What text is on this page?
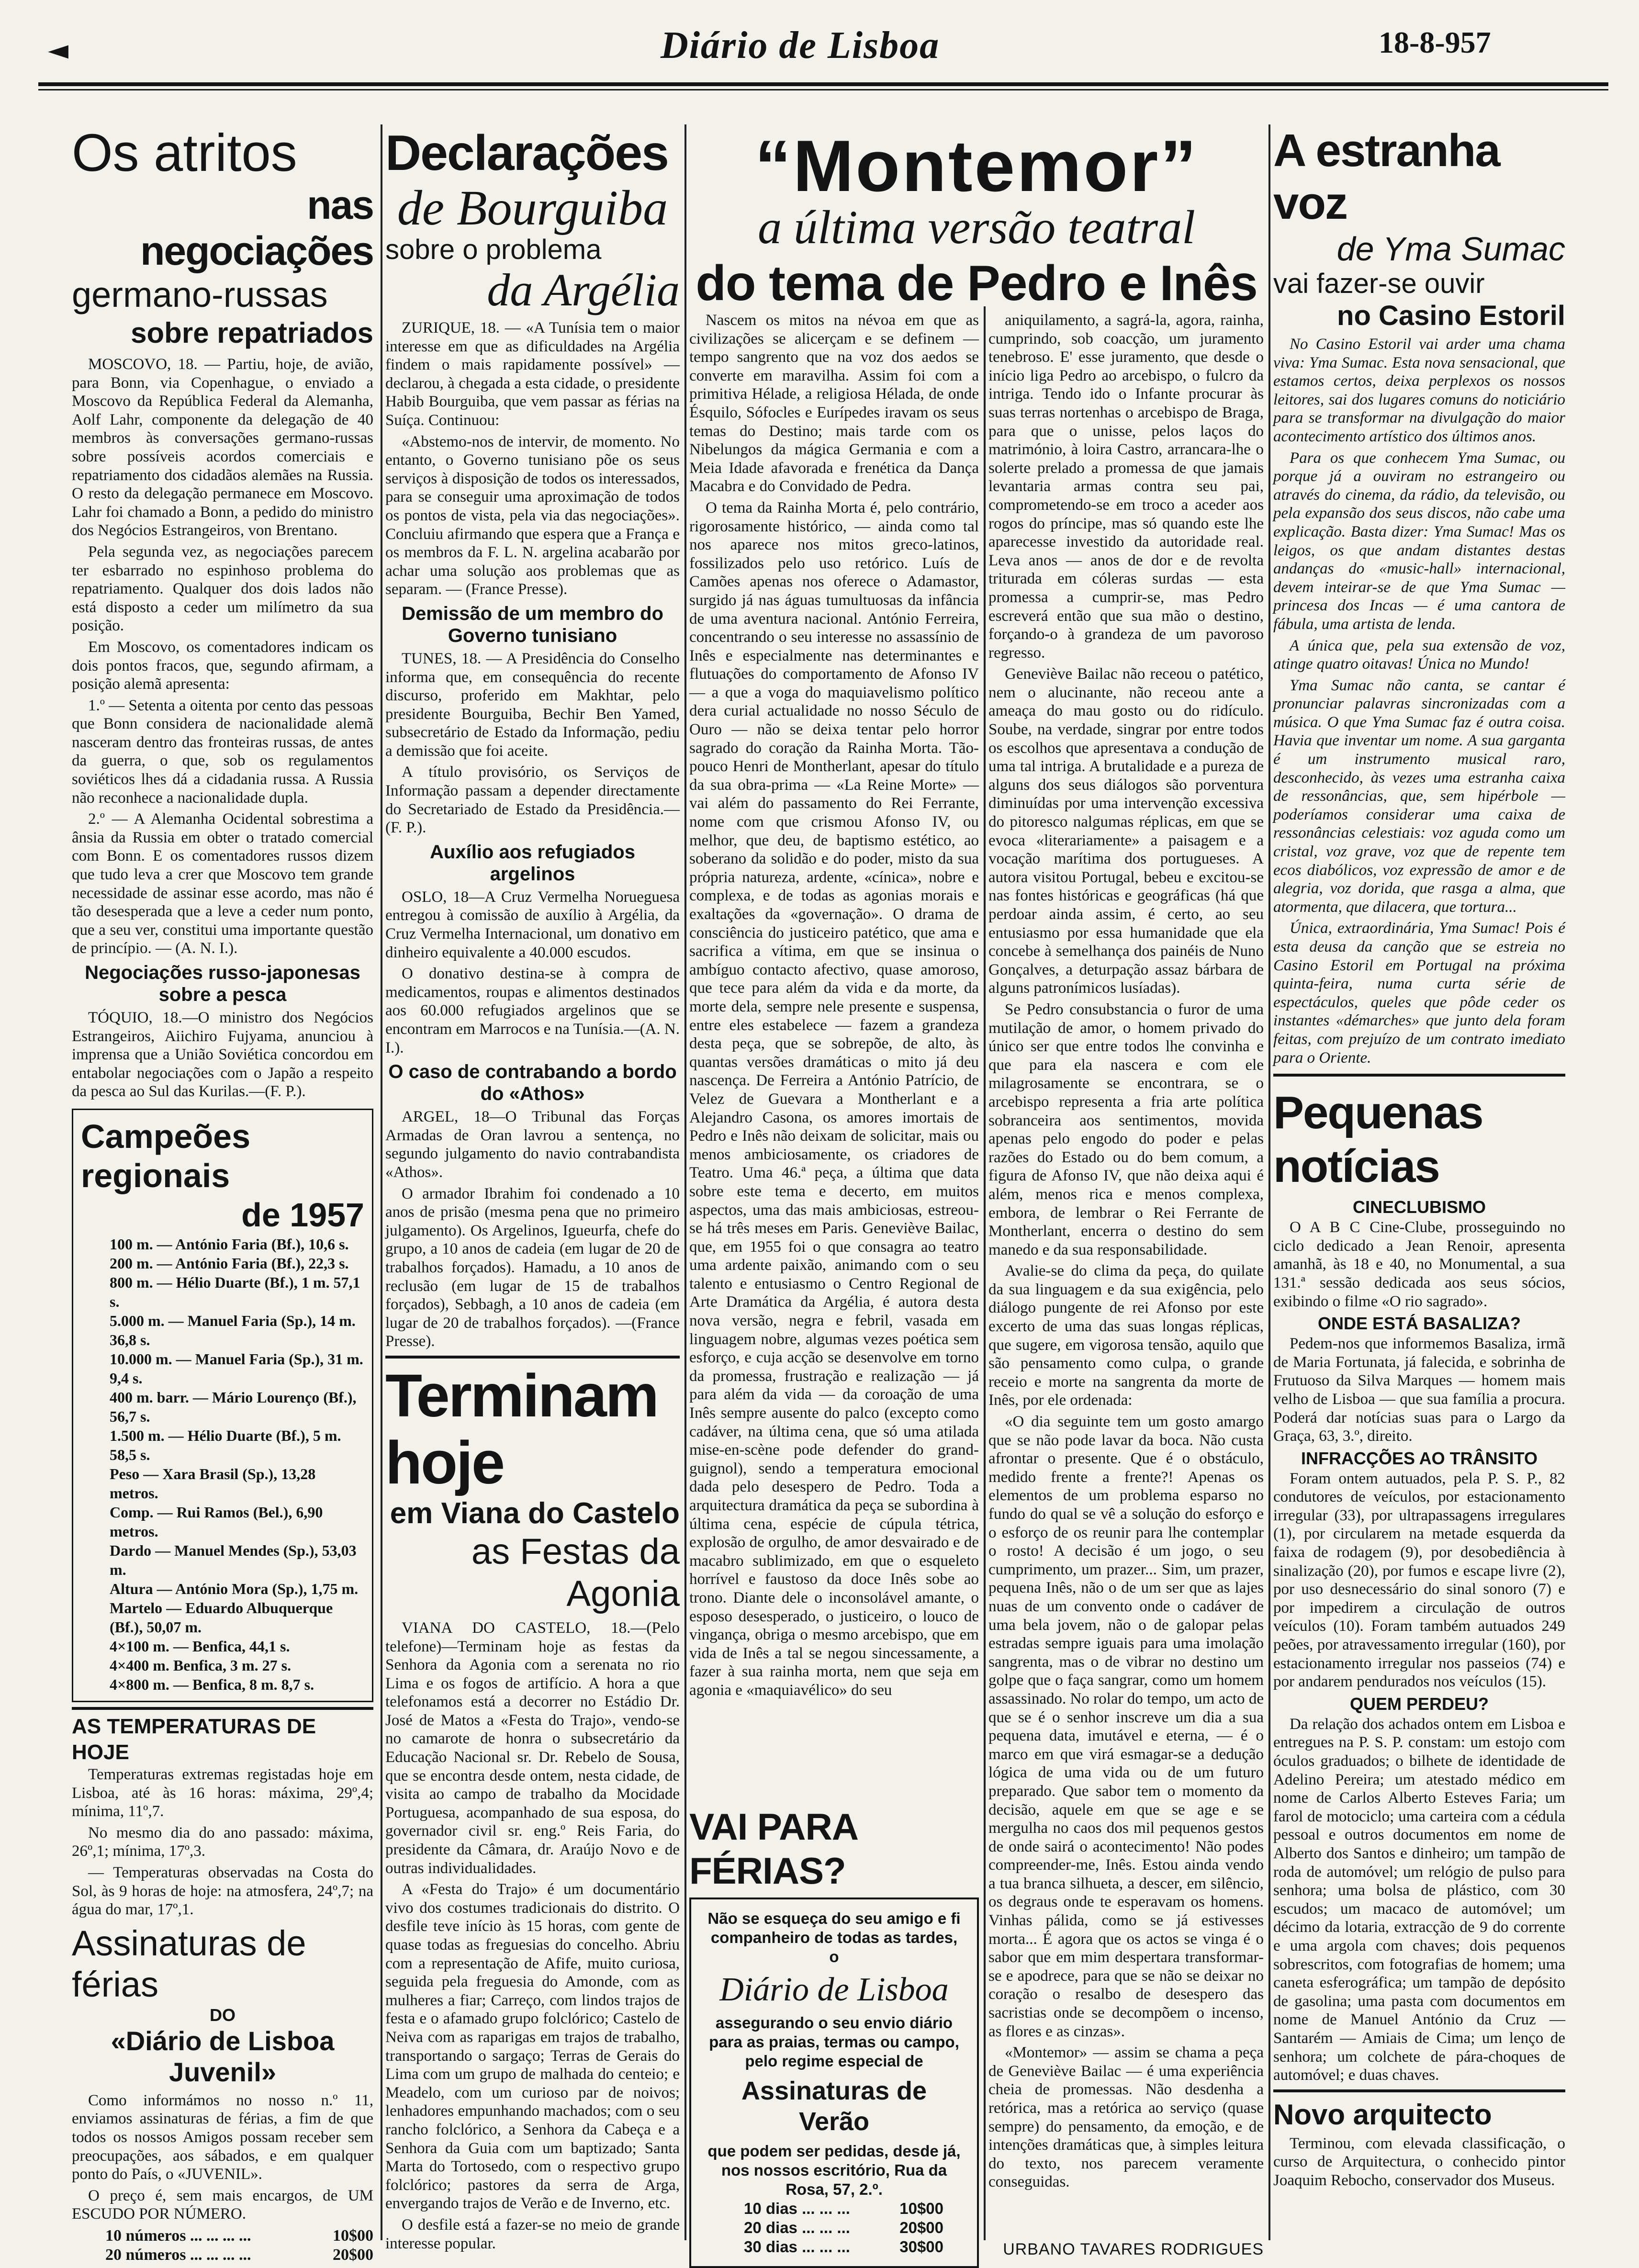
◄	Diário de Lisboa	18-8-957

Os atritos

nas negociações

germano-russas

sobre repatriados

MOSCOVO, 18. — Partiu, hoje, de avião, para Bonn, via Copenhague, o enviado a Moscovo da República Federal da Alemanha, Aolf Lahr, componente da delegação de 40 membros às conversações germano-russas sobre possíveis acordos comerciais e repatriamento dos cidadãos alemães na Russia. O resto da delegação permanece em Moscovo. Lahr foi chamado a Bonn, a pedido do ministro dos Negócios Estrangeiros, von Brentano.

Pela segunda vez, as negociações parecem ter esbarrado no espinhoso problema do repatriamento. Qualquer dos dois lados não está disposto a ceder um milímetro da sua posição.

Em Moscovo, os comentadores indicam os dois pontos fracos, que, segundo afirmam, a posição alemã apresenta:

1.º — Setenta a oitenta por cento das pessoas que Bonn considera de nacionalidade alemã nasceram dentro das fronteiras russas, de antes da guerra, o que, sob os regulamentos soviéticos lhes dá a cidadania russa. A Russia não reconhece a nacionalidade dupla.

2.º — A Alemanha Ocidental sobrestima a ânsia da Russia em obter o tratado comercial com Bonn. E os comentadores russos dizem que tudo leva a crer que Moscovo tem grande necessidade de assinar esse acordo, mas não é tão desesperada que a leve a ceder num ponto, que a seu ver, constitui uma importante questão de princípio. — (A. N. I.).

Negociações russo-japonesas sobre a pesca

TÓQUIO, 18.—O ministro dos Negócios Estrangeiros, Aiichiro Fujyama, anunciou à imprensa que a União Soviética concordou em entabolar negociações com o Japão a respeito da pesca ao Sul das Kurilas.—(F. P.).

Campeões regionais

de 1957

100 m. — António Faria (Bf.), 10,6 s.

200 m. — António Faria (Bf.), 22,3 s.

800 m. — Hélio Duarte (Bf.), 1 m. 57,1 s.

5.000 m. — Manuel Faria (Sp.), 14 m. 36,8 s.

10.000 m. — Manuel Faria (Sp.), 31 m. 9,4 s.

400 m. barr. — Mário Lourenço (Bf.), 56,7 s.

1.500 m. — Hélio Duarte (Bf.), 5 m. 58,5 s.

Peso — Xara Brasil (Sp.), 13,28 metros.

Comp. — Rui Ramos (Bel.), 6,90 metros.

Dardo — Manuel Mendes (Sp.), 53,03 m.

Altura — António Mora (Sp.), 1,75 m.

Martelo — Eduardo Albuquerque (Bf.), 50,07 m.

4×100 m. — Benfica, 44,1 s.

4×400 m. Benfica, 3 m. 27 s.

4×800 m. — Benfica, 8 m. 8,7 s.

AS TEMPERATURAS DE HOJE

Temperaturas extremas registadas hoje em Lisboa, até às 16 horas: máxima, 29º,4; mínima, 11º,7.

No mesmo dia do ano passado: máxima, 26º,1; mínima, 17º,3.

— Temperaturas observadas na Costa do Sol, às 9 horas de hoje: na atmosfera, 24º,7; na água do mar, 17º,1.

Assinaturas de férias

DO

«Diário de Lisboa Juvenil»

Como informámos no nosso n.º 11, enviamos assinaturas de férias, a fim de que todos os nossos Amigos possam receber sem preocupações, aos sábados, e em qualquer ponto do País, o «JUVENIL».

O preço é, sem mais encargos, de UM ESCUDO POR NÚMERO.

10 números ... ... ... ...	10$00

20 números ... ... ... ...	20$00

Declarações

de Bourguiba

sobre o problema

da Argélia

ZURIQUE, 18. — «A Tunísia tem o maior interesse em que as dificuldades na Argélia findem o mais rapidamente possível» — declarou, à chegada a esta cidade, o presidente Habib Bourguiba, que vem passar as férias na Suíça. Continuou:

«Abstemo-nos de intervir, de momento. No entanto, o Governo tunisiano põe os seus serviços à disposição de todos os interessados, para se conseguir uma aproximação de todos os pontos de vista, pela via das negociações». Concluiu afirmando que espera que a França e os membros da F. L. N. argelina acabarão por achar uma solução aos problemas que as separam. — (France Presse).

Demissão de um membro do Governo tunisiano

TUNES, 18. — A Presidência do Conselho informa que, em consequência do recente discurso, proferido em Makhtar, pelo presidente Bourguiba, Bechir Ben Yamed, subsecretário de Estado da Informação, pediu a demissão que foi aceite.

A título provisório, os Serviços de Informação passam a depender directamente do Secretariado de Estado da Presidência.—(F. P.).

Auxílio aos refugiados argelinos

OSLO, 18—A Cruz Vermelha Norueguesa entregou à comissão de auxílio à Argélia, da Cruz Vermelha Internacional, um donativo em dinheiro equivalente a 40.000 escudos.

O donativo destina-se à compra de medicamentos, roupas e alimentos destinados aos 60.000 refugiados argelinos que se encontram em Marrocos e na Tunísia.—(A. N. I.).

O caso de contrabando a bordo do «Athos»

ARGEL, 18—O Tribunal das Forças Armadas de Oran lavrou a sentença, no segundo julgamento do navio contrabandista «Athos».

O armador Ibrahim foi condenado a 10 anos de prisão (mesma pena que no primeiro julgamento). Os Argelinos, Igueurfa, chefe do grupo, a 10 anos de cadeia (em lugar de 20 de trabalhos forçados). Hamadu, a 10 anos de reclusão (em lugar de 15 de trabalhos forçados), Sebbagh, a 10 anos de cadeia (em lugar de 20 de trabalhos forçados). —(France Presse).

Terminam hoje

em Viana do Castelo

as Festas da Agonia

VIANA DO CASTELO, 18.—(Pelo telefone)—Terminam hoje as festas da Senhora da Agonia com a serenata no rio Lima e os fogos de artifício. A hora a que telefonamos está a decorrer no Estádio Dr. José de Matos a «Festa do Trajo», vendo-se no camarote de honra o subsecretário da Educação Nacional sr. Dr. Rebelo de Sousa, que se encontra desde ontem, nesta cidade, de visita ao campo de trabalho da Mocidade Portuguesa, acompanhado de sua esposa, do governador civil sr. eng.º Reis Faria, do presidente da Câmara, dr. Araújo Novo e de outras individualidades.

A «Festa do Trajo» é um documentário vivo dos costumes tradicionais do distrito. O desfile teve início às 15 horas, com gente de quase todas as freguesias do concelho. Abriu com a representação de Afife, muito curiosa, seguida pela freguesia do Amonde, com as mulheres a fiar; Carreço, com lindos trajos de festa e o afamado grupo folclórico; Castelo de Neiva com as raparigas em trajos de trabalho, transportando o sargaço; Terras de Gerais do Lima com um grupo de malhada do centeio; e Meadelo, com um curioso par de noivos; lenhadores empunhando machados; com o seu rancho folclórico, a Senhora da Cabeça e a Senhora da Guia com um baptizado; Santa Marta do Tortosedo, com o respectivo grupo folclórico; pastores da serra de Arga, envergando trajos de Verão e de Inverno, etc.

O desfile está a fazer-se no meio de grande interesse popular.

“Montemor”
a última versão teatral
do tema de Pedro e Inês

Nascem os mitos na névoa em que as civilizações se alicerçam e se definem — tempo sangrento que na voz dos aedos se converte em maravilha. Assim foi com a primitiva Hélade, a religiosa Hélada, de onde Ésquilo, Sófocles e Eurípedes iravam os seus temas do Destino; mais tarde com os Nibelungos da mágica Germania e com a Meia Idade afavorada e frenética da Dança Macabra e do Convidado de Pedra.

O tema da Rainha Morta é, pelo contrário, rigorosamente histórico, — ainda como tal nos aparece nos mitos greco-latinos, fossilizados pelo uso retórico. Luís de Camões apenas nos oferece o Adamastor, surgido já nas águas tumultuosas da infância de uma aventura nacional. António Ferreira, concentrando o seu interesse no assassínio de Inês e especialmente nas determinantes e flutuações do comportamento de Afonso IV — a que a voga do maquiavelismo político dera curial actualidade no nosso Século de Ouro — não se deixa tentar pelo horror sagrado do coração da Rainha Morta. Tão-pouco Henri de Montherlant, apesar do título da sua obra-prima — «La Reine Morte» — vai além do passamento do Rei Ferrante, nome com que crismou Afonso IV, ou melhor, que deu, de baptismo estético, ao soberano da solidão e do poder, misto da sua própria natureza, ardente, «cínica», nobre e complexa, e de todas as agonias morais e exaltações da «governação». O drama de consciência do justiceiro patético, que ama e sacrifica a vítima, em que se insinua o ambíguo contacto afectivo, quase amoroso, que tece para além da vida e da morte, da morte dela, sempre nele presente e suspensa, entre eles estabelece — fazem a grandeza desta peça, que se sobrepõe, de alto, às quantas versões dramáticas o mito já deu nascença. De Ferreira a António Patrício, de Velez de Guevara a Montherlant e a Alejandro Casona, os amores imortais de Pedro e Inês não deixam de solicitar, mais ou menos ambiciosamente, os criadores de Teatro. Uma 46.ª peça, a última que data sobre este tema e decerto, em muitos aspectos, uma das mais ambiciosas, estreou-se há três meses em Paris. Geneviève Bailac, que, em 1955 foi o que consagra ao teatro uma ardente paixão, animando com o seu talento e entusiasmo o Centro Regional de Arte Dramática da Argélia, é autora desta nova versão, negra e febril, vasada em linguagem nobre, algumas vezes poética sem esforço, e cuja acção se desenvolve em torno da promessa, frustração e realização — já para além da vida — da coroação de uma Inês sempre ausente do palco (excepto como cadáver, na última cena, que só uma atilada mise-en-scène pode defender do grand-guignol), sendo a temperatura emocional dada pelo desespero de Pedro. Toda a arquitectura dramática da peça se subordina à última cena, espécie de cúpula tétrica, explosão de orgulho, de amor desvairado e de macabro sublimizado, em que o esqueleto horrível e faustoso da doce Inês sobe ao trono. Diante dele o inconsolável amante, o esposo desesperado, o justiceiro, o louco de vingança, obriga o mesmo arcebispo, que em vida de Inês a tal se negou sincessamente, a fazer à sua rainha morta, nem que seja em agonia e «maquiavélico» do seu

VAI PARA FÉRIAS?

Não se esqueça do seu amigo e fi companheiro de todas as tardes, o

Diário de Lisboa

assegurando o seu envio diário para as praias, termas ou campo, pelo regime especial de

Assinaturas de Verão

que podem ser pedidas, desde já, nos nossos escritório, Rua da Rosa, 57, 2.º.

10 dias ... ... ...	10$00

20 dias ... ... ...	20$00

30 dias ... ... ...	30$00

aniquilamento, a sagrá-la, agora, rainha, cumprindo, sob coacção, um juramento tenebroso. E' esse juramento, que desde o início liga Pedro ao arcebispo, o fulcro da intriga. Tendo ido o Infante procurar às suas terras nortenhas o arcebispo de Braga, para que o unisse, pelos laços do matrimónio, à loira Castro, arrancara-lhe o solerte prelado a promessa de que jamais levantaria armas contra seu pai, comprometendo-se em troco a aceder aos rogos do príncipe, mas só quando este lhe aparecesse investido da autoridade real. Leva anos — anos de dor e de revolta triturada em cóleras surdas — esta promessa a cumprir-se, mas Pedro escreverá então que sua mão o destino, forçando-o à grandeza de um pavoroso regresso.

Geneviève Bailac não receou o patético, nem o alucinante, não receou ante a ameaça do mau gosto ou do ridículo. Soube, na verdade, singrar por entre todos os escolhos que apresentava a condução de uma tal intriga. A brutalidade e a pureza de alguns dos seus diálogos são porventura diminuídas por uma intervenção excessiva do pitoresco nalgumas réplicas, em que se evoca «literariamente» a paisagem e a vocação marítima dos portugueses. A autora visitou Portugal, bebeu e excitou-se nas fontes históricas e geográficas (há que perdoar ainda assim, é certo, ao seu entusiasmo por essa humanidade que ela concebe à semelhança dos painéis de Nuno Gonçalves, a deturpação assaz bárbara de alguns patronímicos lusíadas).

Se Pedro consubstancia o furor de uma mutilação de amor, o homem privado do único ser que entre todos lhe convinha e que para ela nascera e com ele milagrosamente se encontrara, se o arcebispo representa a fria arte política sobranceira aos sentimentos, movida apenas pelo engodo do poder e pelas razões do Estado ou do bem comum, a figura de Afonso IV, que não deixa aqui é além, menos rica e menos complexa, embora, de lembrar o Rei Ferrante de Montherlant, encerra o destino do sem manedo e da sua responsabilidade.

Avalie-se do clima da peça, do quilate da sua linguagem e da sua exigência, pelo diálogo pungente de rei Afonso por este excerto de uma das suas longas réplicas, que sugere, em vigorosa tensão, aquilo que são pensamento como culpa, o grande receio e morte na sangrenta da morte de Inês, por ele ordenada:

«O dia seguinte tem um gosto amargo que se não pode lavar da boca. Não custa afrontar o presente. Que é o obstáculo, medido frente a frente?! Apenas os elementos de um problema esparso no fundo do qual se vê a solução do esforço e o esforço de os reunir para lhe contemplar o rosto! A decisão é um jogo, o seu cumprimento, um prazer... Sim, um prazer, pequena Inês, não o de um ser que as lajes nuas de um convento onde o cadáver de uma bela jovem, não o de galopar pelas estradas sempre iguais para uma imolação sangrenta, mas o de vibrar no destino um golpe que o faça sangrar, como um homem assassinado. No rolar do tempo, um acto de que se é o senhor inscreve um dia a sua pequena data, imutável e eterna, — é o marco em que virá esmagar-se a dedução lógica de uma vida ou de um futuro preparado. Que sabor tem o momento da decisão, aquele em que se age e se mergulha no caos dos mil pequenos gestos de onde sairá o acontecimento! Não podes compreender-me, Inês. Estou ainda vendo a tua branca silhueta, a descer, em silêncio, os degraus onde te esperavam os homens. Vinhas pálida, como se já estivesses morta... É agora que os actos se vinga é o sabor que em mim despertara transformar-se e apodrece, para que se não se deixar no coração o resalbo de desespero das sacristias onde se decompõem o incenso, as flores e as cinzas».

«Montemor» — assim se chama a peça de Geneviève Bailac — é uma experiência cheia de promessas. Não desdenha a retórica, mas a retórica ao serviço (quase sempre) do pensamento, da emoção, e de intenções dramáticas que, à simples leitura do texto, nos parecem veramente conseguidas.

URBANO TAVARES RODRIGUES

A estranha voz

de Yma Sumac

vai fazer-se ouvir

no Casino Estoril

No Casino Estoril vai arder uma chama viva: Yma Sumac. Esta nova sensacional, que estamos certos, deixa perplexos os nossos leitores, sai dos lugares comuns do noticiário para se transformar na divulgação do maior acontecimento artístico dos últimos anos.

Para os que conhecem Yma Sumac, ou porque já a ouviram no estrangeiro ou através do cinema, da rádio, da televisão, ou pela expansão dos seus discos, não cabe uma explicação. Basta dizer: Yma Sumac! Mas os leigos, os que andam distantes destas andanças do «music-hall» internacional, devem inteirar-se de que Yma Sumac — princesa dos Incas — é uma cantora de fábula, uma artista de lenda.

A única que, pela sua extensão de voz, atinge quatro oitavas! Única no Mundo!

Yma Sumac não canta, se cantar é pronunciar palavras sincronizadas com a música. O que Yma Sumac faz é outra coisa. Havia que inventar um nome. A sua garganta é um instrumento musical raro, desconhecido, às vezes uma estranha caixa de ressonâncias, que, sem hipérbole — poderíamos considerar uma caixa de ressonâncias celestiais: voz aguda como um cristal, voz grave, voz que de repente tem ecos diabólicos, voz expressão de amor e de alegria, voz dorida, que rasga a alma, que atormenta, que dilacera, que tortura...

Única, extraordinária, Yma Sumac! Pois é esta deusa da canção que se estreia no Casino Estoril em Portugal na próxima quinta-feira, numa curta série de espectáculos, queles que pôde ceder os instantes «démarches» que junto dela foram feitas, com prejuízo de um contrato imediato para o Oriente.

Pequenas notícias

CINECLUBISMO

O A B C Cine-Clube, prosseguindo no ciclo dedicado a Jean Renoir, apresenta amanhã, às 18 e 40, no Monumental, a sua 131.ª sessão dedicada aos seus sócios, exibindo o filme «O rio sagrado».

ONDE ESTÁ BASALIZA?

Pedem-nos que informemos Basaliza, irmã de Maria Fortunata, já falecida, e sobrinha de Frutuoso da Silva Marques — homem mais velho de Lisboa — que sua família a procura. Poderá dar notícias suas para o Largo da Graça, 63, 3.º, direito.

INFRACÇÕES AO TRÂNSITO

Foram ontem autuados, pela P. S. P., 82 condutores de veículos, por estacionamento irregular (33), por ultrapassagens irregulares (1), por circularem na metade esquerda da faixa de rodagem (9), por desobediência à sinalização (20), por fumos e escape livre (2), por uso desnecessário do sinal sonoro (7) e por impedirem a circulação de outros veículos (10). Foram também autuados 249 peões, por atravessamento irregular (160), por estacionamento irregular nos passeios (74) e por andarem pendurados nos veículos (15).

QUEM PERDEU?

Da relação dos achados ontem em Lisboa e entregues na P. S. P. constam: um estojo com óculos graduados; o bilhete de identidade de Adelino Pereira; um atestado médico em nome de Carlos Alberto Esteves Faria; um farol de motociclo; uma carteira com a cédula pessoal e outros documentos em nome de Alberto dos Santos e dinheiro; um tampão de roda de automóvel; um relógio de pulso para senhora; uma bolsa de plástico, com 30 escudos; um macaco de automóvel; um décimo da lotaria, extracção de 9 do corrente e uma argola com chaves; dois pequenos sobrescritos, com fotografias de homem; uma caneta esferográfica; um tampão de depósito de gasolina; uma pasta com documentos em nome de Manuel António da Cruz — Santarém — Amiais de Cima; um lenço de senhora; um colchete de pára-choques de automóvel; e duas chaves.

Novo arquitecto

Terminou, com elevada classificação, o curso de Arquitectura, o conhecido pintor Joaquim Rebocho, conservador dos Museus.
